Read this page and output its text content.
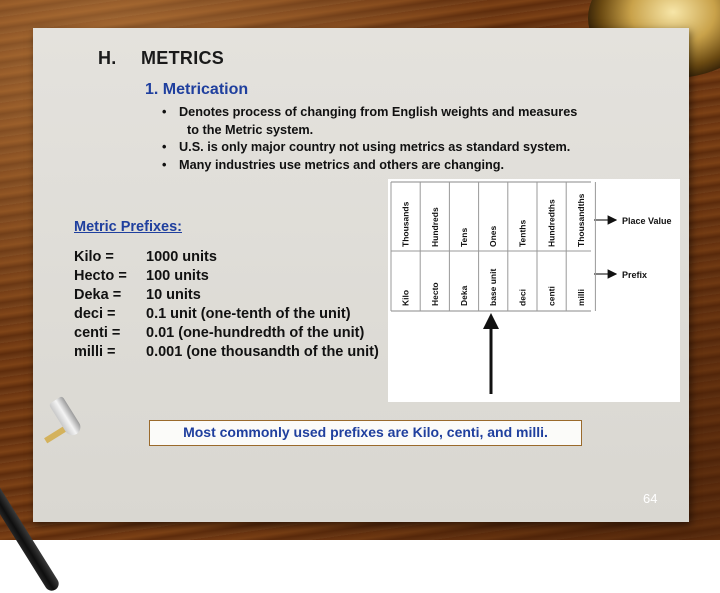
H. METRICS
1. Metrication
• Denotes process of changing from English weights and measures
to the Metric system.
• U.S. is only major country not using metrics as standard system.
• Many industries use metrics and others are changing.
Metric Prefixes:
Kilo =	1000 units
Hecto =	100 units
Deka =	10 units
deci =	0.1 unit (one-tenth of the unit)
centi =	0.01 (one-hundredth of the unit)
milli =	0.001 (one thousandth of the unit)
Place Value
Prefix
Thousands Hundreds Tens Ones Tenths Hundredths Thousandths
Kilo Hecto Deka base unit deci centi milli
Most commonly used prefixes are Kilo, centi, and milli.
64
